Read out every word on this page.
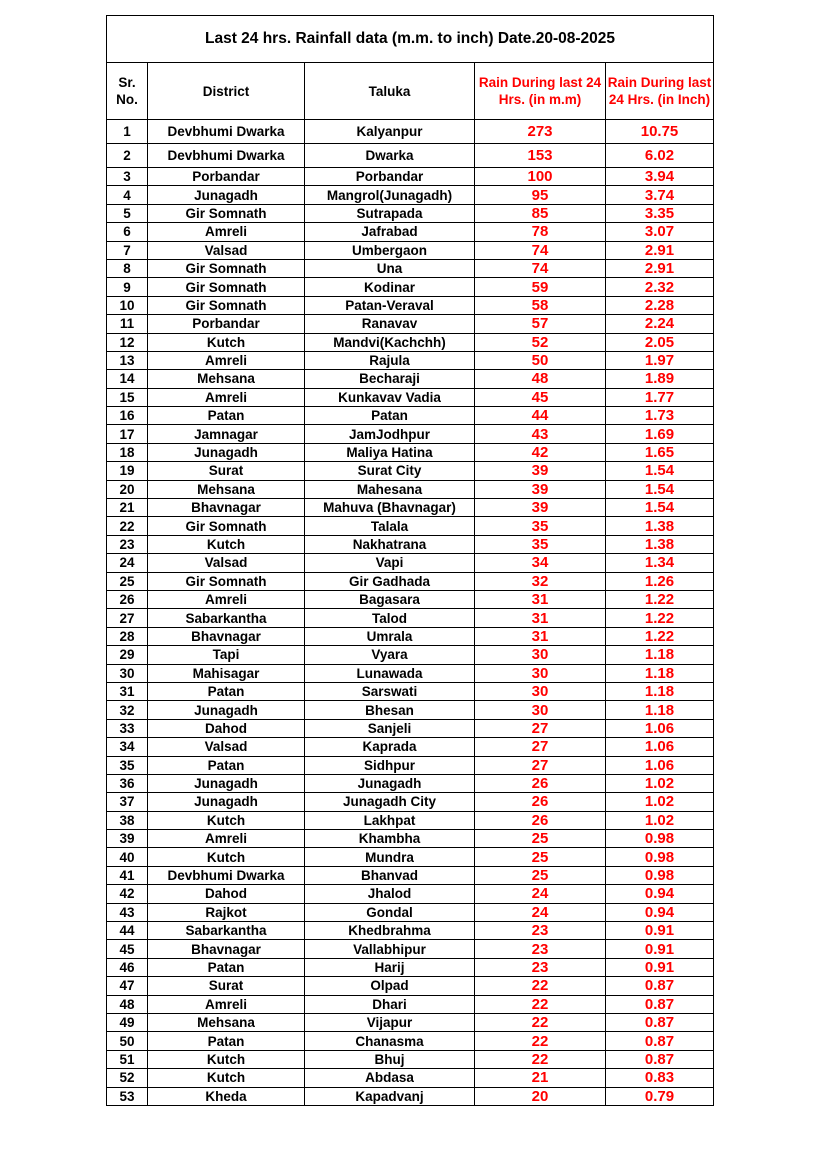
Last 24 hrs. Rainfall data (m.m. to inch) Date.20-08-2025				
Sr. No.	District	Taluka	Rain During last 24 Hrs. (in m.m)	Rain During last 24 Hrs. (in Inch)
1	Devbhumi Dwarka	Kalyanpur	273	10.75
2	Devbhumi Dwarka	Dwarka	153	6.02
3	Porbandar	Porbandar	100	3.94
4	Junagadh	Mangrol(Junagadh)	95	3.74
5	Gir Somnath	Sutrapada	85	3.35
6	Amreli	Jafrabad	78	3.07
7	Valsad	Umbergaon	74	2.91
8	Gir Somnath	Una	74	2.91
9	Gir Somnath	Kodinar	59	2.32
10	Gir Somnath	Patan-Veraval	58	2.28
11	Porbandar	Ranavav	57	2.24
12	Kutch	Mandvi(Kachchh)	52	2.05
13	Amreli	Rajula	50	1.97
14	Mehsana	Becharaji	48	1.89
15	Amreli	Kunkavav Vadia	45	1.77
16	Patan	Patan	44	1.73
17	Jamnagar	JamJodhpur	43	1.69
18	Junagadh	Maliya Hatina	42	1.65
19	Surat	Surat City	39	1.54
20	Mehsana	Mahesana	39	1.54
21	Bhavnagar	Mahuva (Bhavnagar)	39	1.54
22	Gir Somnath	Talala	35	1.38
23	Kutch	Nakhatrana	35	1.38
24	Valsad	Vapi	34	1.34
25	Gir Somnath	Gir Gadhada	32	1.26
26	Amreli	Bagasara	31	1.22
27	Sabarkantha	Talod	31	1.22
28	Bhavnagar	Umrala	31	1.22
29	Tapi	Vyara	30	1.18
30	Mahisagar	Lunawada	30	1.18
31	Patan	Sarswati	30	1.18
32	Junagadh	Bhesan	30	1.18
33	Dahod	Sanjeli	27	1.06
34	Valsad	Kaprada	27	1.06
35	Patan	Sidhpur	27	1.06
36	Junagadh	Junagadh	26	1.02
37	Junagadh	Junagadh City	26	1.02
38	Kutch	Lakhpat	26	1.02
39	Amreli	Khambha	25	0.98
40	Kutch	Mundra	25	0.98
41	Devbhumi Dwarka	Bhanvad	25	0.98
42	Dahod	Jhalod	24	0.94
43	Rajkot	Gondal	24	0.94
44	Sabarkantha	Khedbrahma	23	0.91
45	Bhavnagar	Vallabhipur	23	0.91
46	Patan	Harij	23	0.91
47	Surat	Olpad	22	0.87
48	Amreli	Dhari	22	0.87
49	Mehsana	Vijapur	22	0.87
50	Patan	Chanasma	22	0.87
51	Kutch	Bhuj	22	0.87
52	Kutch	Abdasa	21	0.83
53	Kheda	Kapadvanj	20	0.79
